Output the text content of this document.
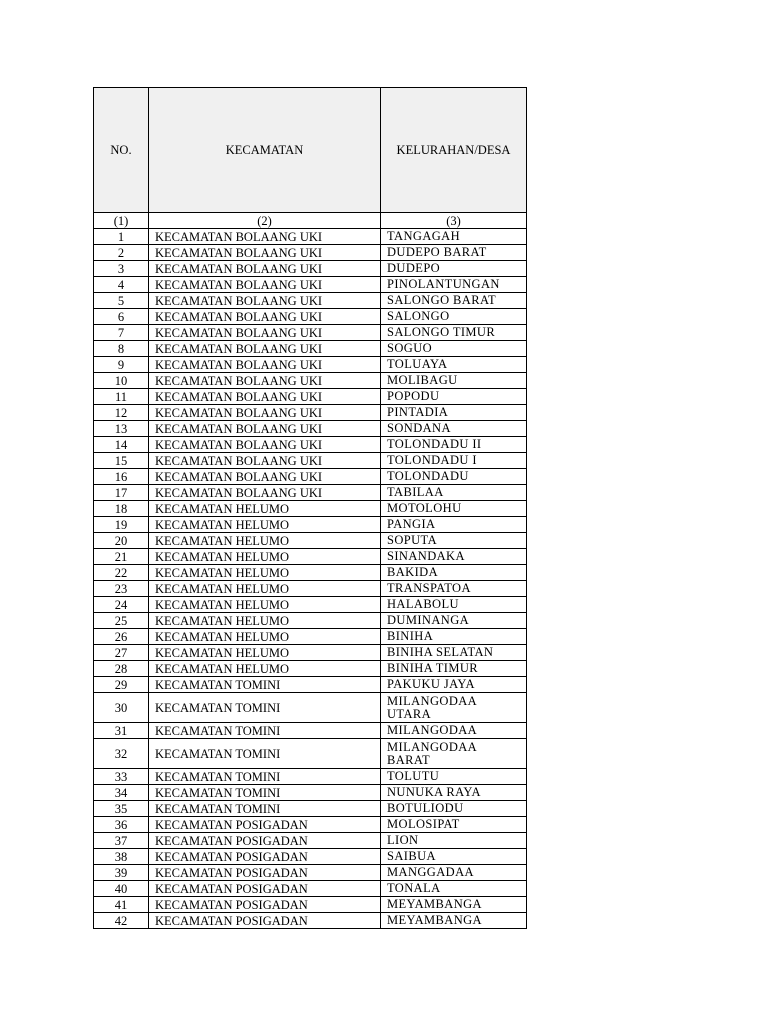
NO.	KECAMATAN	KELURAHAN/DESA
(1)	(2)	(3)
1	KECAMATAN BOLAANG UKI	TANGAGAH

2	KECAMATAN BOLAANG UKI	DUDEPO BARAT

3	KECAMATAN BOLAANG UKI	DUDEPO

4	KECAMATAN BOLAANG UKI	PINOLANTUNGAN

5	KECAMATAN BOLAANG UKI	SALONGO BARAT

6	KECAMATAN BOLAANG UKI	SALONGO

7	KECAMATAN BOLAANG UKI	SALONGO TIMUR

8	KECAMATAN BOLAANG UKI	SOGUO

9	KECAMATAN BOLAANG UKI	TOLUAYA

10	KECAMATAN BOLAANG UKI	MOLIBAGU

11	KECAMATAN BOLAANG UKI	POPODU

12	KECAMATAN BOLAANG UKI	PINTADIA

13	KECAMATAN BOLAANG UKI	SONDANA

14	KECAMATAN BOLAANG UKI	TOLONDADU II

15	KECAMATAN BOLAANG UKI	TOLONDADU I

16	KECAMATAN BOLAANG UKI	TOLONDADU

17	KECAMATAN BOLAANG UKI	TABILAA

18	KECAMATAN HELUMO	MOTOLOHU

19	KECAMATAN HELUMO	PANGIA

20	KECAMATAN HELUMO	SOPUTA

21	KECAMATAN HELUMO	SINANDAKA

22	KECAMATAN HELUMO	BAKIDA

23	KECAMATAN HELUMO	TRANSPATOA

24	KECAMATAN HELUMO	HALABOLU

25	KECAMATAN HELUMO	DUMINANGA

26	KECAMATAN HELUMO	BINIHA

27	KECAMATAN HELUMO	BINIHA SELATAN

28	KECAMATAN HELUMO	BINIHA TIMUR

29	KECAMATAN TOMINI	PAKUKU JAYA

30	KECAMATAN TOMINI	MILANGODAA UTARA

31	KECAMATAN TOMINI	MILANGODAA

32	KECAMATAN TOMINI	MILANGODAA BARAT

33	KECAMATAN TOMINI	TOLUTU

34	KECAMATAN TOMINI	NUNUKA RAYA

35	KECAMATAN TOMINI	BOTULIODU

36	KECAMATAN POSIGADAN	MOLOSIPAT

37	KECAMATAN POSIGADAN	LION

38	KECAMATAN POSIGADAN	SAIBUA

39	KECAMATAN POSIGADAN	MANGGADAA

40	KECAMATAN POSIGADAN	TONALA

41	KECAMATAN POSIGADAN	MEYAMBANGA

42	KECAMATAN POSIGADAN	MEYAMBANGA
